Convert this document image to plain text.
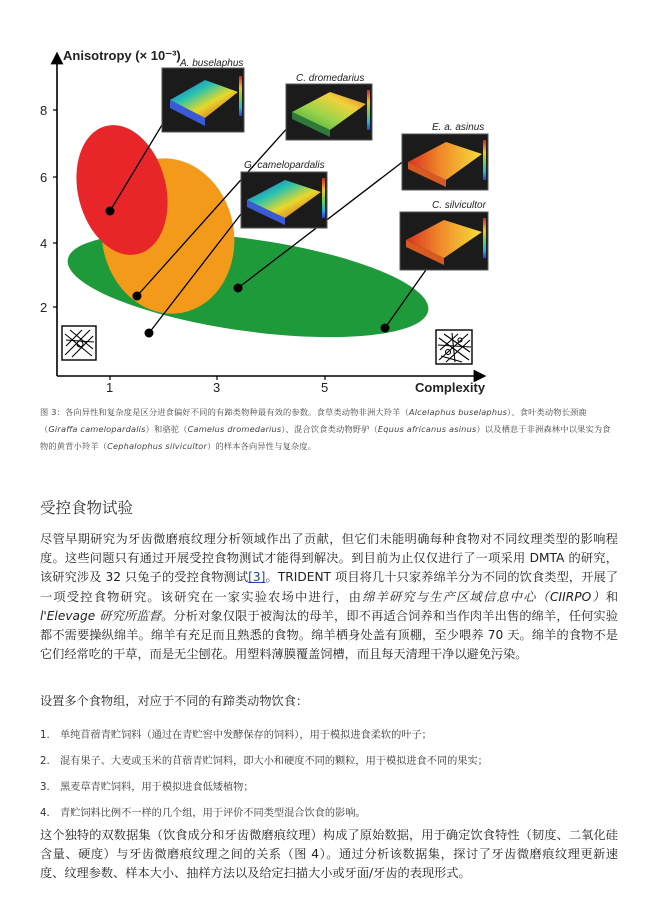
Anisotropy (× 10⁻³)
Complexity
2
4
6
8
1	3	5
A. buselaphus
C. dromedarius
G. camelopardalis
E. a. asinus
C. silvicultor
图 3：各向异性和复杂度是区分进食偏好不同的有蹄类物种最有效的参数。食草类动物非洲大羚羊（Alcelaphus buselaphus）、食叶类动物长颈鹿（Giraffa camelopardalis）和骆驼（Camelus dromedarius）、混合饮食类动物野驴（Equus africanus asinus）以及栖息于非洲森林中以果实为食物的黄背小羚羊（Cephalophus silvicultor）的样本各向异性与复杂度。
受控食物试验

尽管早期研究为牙齿微磨痕纹理分析领域作出了贡献，但它们未能明确每种食物对不同纹理类型的影响程度。这些问题只有通过开展受控食物测试才能得到解决。到目前为止仅仅进行了一项采用 DMTA 的研究，该研究涉及 32 只兔子的受控食物测试[3]。TRIDENT 项目将几十只家养绵羊分为不同的饮食类型，开展了一项受控食物研究。该研究在一家实验农场中进行，由绵羊研究与生产区域信息中心（CIIRPO）和l'Elevage 研究所监督。分析对象仅限于被淘汰的母羊，即不再适合饲养和当作肉羊出售的绵羊，任何实验都不需要操纵绵羊。绵羊有充足而且熟悉的食物。绵羊栖身处盖有顶棚，至少喂养 70 天。绵羊的食物不是它们经常吃的干草，而是无尘刨花。用塑料薄膜覆盖饲槽，而且每天清理干净以避免污染。

设置多个食物组，对应于不同的有蹄类动物饮食：
1. 单纯苜蓿青贮饲料（通过在青贮窖中发酵保存的饲料），用于模拟进食柔软的叶子；
2. 混有果子、大麦或玉米的苜蓿青贮饲料，即大小和硬度不同的颗粒，用于模拟进食不同的果实；
3. 黑麦草青贮饲料，用于模拟进食低矮植物；
4. 青贮饲料比例不一样的几个组，用于评价不同类型混合饮食的影响。

这个独特的双数据集（饮食成分和牙齿微磨痕纹理）构成了原始数据，用于确定饮食特性（韧度、二氧化硅含量、硬度）与牙齿微磨痕纹理之间的关系（图 4）。通过分析该数据集，探讨了牙齿微磨痕纹理更新速度、纹理参数、样本大小、抽样方法以及给定扫描大小或牙面/牙齿的表现形式。
